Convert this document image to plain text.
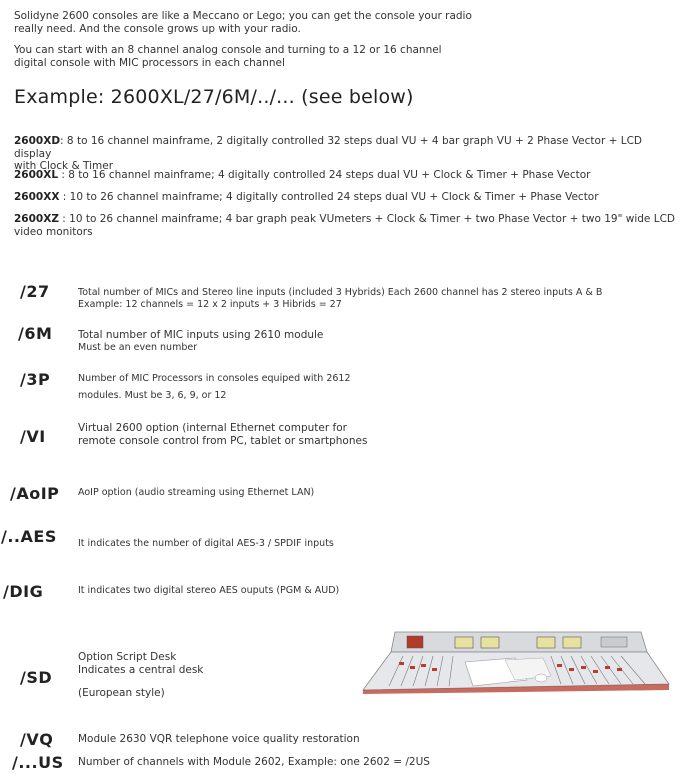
Solidyne 2600 consoles are like a Meccano or Lego; you can get the console your radio
really need. And the console grows up with your radio.
You can start with an 8 channel analog console and turning to a 12 or 16 channel
digital console with MIC processors in each channel
Example: 2600XL/27/6M/../... (see below)
2600XD: 8 to 16 channel mainframe, 2 digitally controlled 32 steps dual VU + 4 bar graph VU + 2 Phase Vector + LCD display
with Clock & Timer
2600XL : 8 to 16 channel mainframe; 4 digitally controlled 24 steps dual VU + Clock & Timer + Phase Vector
2600XX : 10 to 26 channel mainframe; 4 digitally controlled 24 steps dual VU + Clock & Timer + Phase Vector
2600XZ : 10 to 26 channel mainframe; 4 bar graph peak VUmeters + Clock & Timer + two Phase Vector + two 19" wide LCD
video monitors
/27	Total number of MICs and Stereo line inputs (included 3 Hybrids) Each 2600 channel has 2 stereo inputs A & B
Example: 12 channels = 12 x 2 inputs + 3 Hibrids = 27
/6M Total number of MIC inputs using 2610 module
Must be an even number
/3P	Number of MIC Processors in consoles equiped with 2612
modules. Must be 3, 6, 9, or 12
/VI	Virtual 2600 option (internal Ethernet computer for
remote console control from PC, tablet or smartphones
/AoIP AoIP option (audio streaming using Ethernet LAN)
/..AES It indicates the number of digital AES-3 / SPDIF inputs
/DIG	It indicates two digital stereo AES ouputs (PGM & AUD)
/SD
Option Script Desk
Indicates a central desk
(European style)
/VQ Module 2630 VQR telephone voice quality restoration
/...US Number of channels with Module 2602, Example: one 2602 = /2US
